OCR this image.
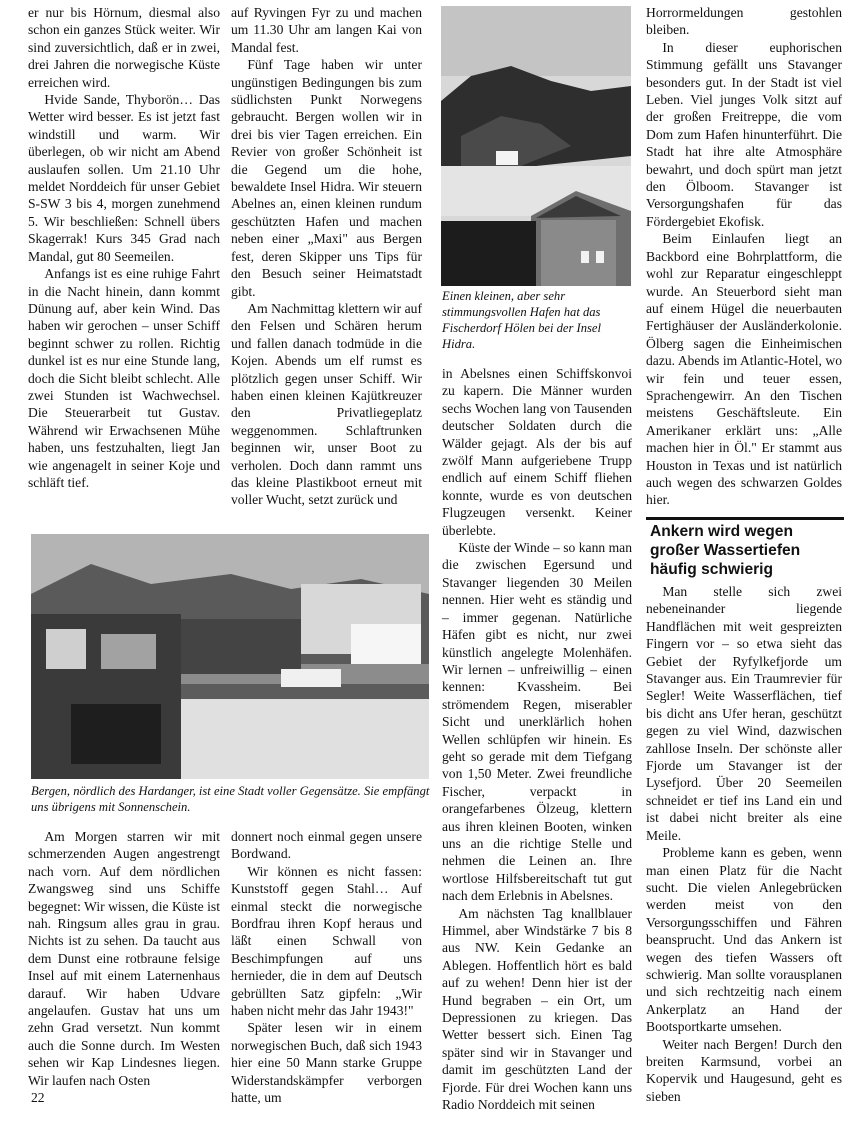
er nur bis Hörnum, diesmal also schon ein ganzes Stück weiter. Wir sind zuversichtlich, daß er in zwei, drei Jahren die norwegische Küste erreichen wird.

Hvide Sande, Thyborön… Das Wetter wird besser. Es ist jetzt fast windstill und warm. Wir überlegen, ob wir nicht am Abend auslaufen sollen. Um 21.10 Uhr meldet Norddeich für unser Gebiet S-SW 3 bis 4, morgen zunehmend 5. Wir beschließen: Schnell übers Skagerrak! Kurs 345 Grad nach Mandal, gut 80 Seemeilen.

Anfangs ist es eine ruhige Fahrt in die Nacht hinein, dann kommt Dünung auf, aber kein Wind. Das haben wir gerochen – unser Schiff beginnt schwer zu rollen. Richtig dunkel ist es nur eine Stunde lang, doch die Sicht bleibt schlecht. Alle zwei Stunden ist Wachwechsel. Die Steuerarbeit tut Gustav. Während wir Erwachsenen Mühe haben, uns festzuhalten, liegt Jan wie angenagelt in seiner Koje und schläft tief.

auf Ryvingen Fyr zu und machen um 11.30 Uhr am langen Kai von Mandal fest.

Fünf Tage haben wir unter ungünstigen Bedingungen bis zum südlichsten Punkt Norwegens gebraucht. Bergen wollen wir in drei bis vier Tagen erreichen. Ein Revier von großer Schönheit ist die Gegend um die hohe, bewaldete Insel Hidra. Wir steuern Abelnes an, einen kleinen rundum geschützten Hafen und machen neben einer „Maxi" aus Bergen fest, deren Skipper uns Tips für den Besuch seiner Heimatstadt gibt.

Am Nachmittag klettern wir auf den Felsen und Schären herum und fallen danach todmüde in die Kojen. Abends um elf rumst es plötzlich gegen unser Schiff. Wir haben einen kleinen Kajütkreuzer den Privatliegeplatz weggenommen. Schlaftrunken beginnen wir, unser Boot zu verholen. Doch dann rammt uns das kleine Plastikboot erneut mit voller Wucht, setzt zurück und

Einen kleinen, aber sehr stimmungsvollen Hafen hat das Fischerdorf Hölen bei der Insel Hidra.

in Abelsnes einen Schiffskonvoi zu kapern. Die Männer wurden sechs Wochen lang von Tausenden deutscher Soldaten durch die Wälder gejagt. Als der bis auf zwölf Mann aufgeriebene Trupp endlich auf einem Schiff fliehen konnte, wurde es von deutschen Flugzeugen versenkt. Keiner überlebte.

Küste der Winde – so kann man die zwischen Egersund und Stavanger liegenden 30 Meilen nennen. Hier weht es ständig und – immer gegenan. Natürliche Häfen gibt es nicht, nur zwei künstlich angelegte Molenhäfen. Wir lernen – unfreiwillig – einen kennen: Kvassheim. Bei strömendem Regen, miserabler Sicht und unerklärlich hohen Wellen schlüpfen wir hinein. Es geht so gerade mit dem Tiefgang von 1,50 Meter. Zwei freundliche Fischer, verpackt in orangefarbenes Ölzeug, klettern aus ihren kleinen Booten, winken uns an die richtige Stelle und nehmen die Leinen an. Ihre wortlose Hilfsbereitschaft tut gut nach dem Erlebnis in Abelsnes.

Am nächsten Tag knallblauer Himmel, aber Windstärke 7 bis 8 aus NW. Kein Gedanke an Ablegen. Hoffentlich hört es bald auf zu wehen! Denn hier ist der Hund begraben – ein Ort, um Depressionen zu kriegen. Das Wetter bessert sich. Einen Tag später sind wir in Stavanger und damit im geschützten Land der Fjorde. Für drei Wochen kann uns Radio Norddeich mit seinen

Horrormeldungen gestohlen bleiben.

In dieser euphorischen Stimmung gefällt uns Stavanger besonders gut. In der Stadt ist viel Leben. Viel junges Volk sitzt auf der großen Freitreppe, die vom Dom zum Hafen hinunterführt. Die Stadt hat ihre alte Atmosphäre bewahrt, und doch spürt man jetzt den Ölboom. Stavanger ist Versorgungshafen für das Fördergebiet Ekofisk.

Beim Einlaufen liegt an Backbord eine Bohrplattform, die wohl zur Reparatur eingeschleppt wurde. An Steuerbord sieht man auf einem Hügel die neuerbauten Fertighäuser der Ausländerkolonie. Ölberg sagen die Einheimischen dazu. Abends im Atlantic-Hotel, wo wir fein und teuer essen, Sprachengewirr. An den Tischen meistens Geschäftsleute. Ein Amerikaner erklärt uns: „Alle machen hier in Öl." Er stammt aus Houston in Texas und ist natürlich auch wegen des schwarzen Goldes hier.

Ankern wird wegen großer Wassertiefen häufig schwierig

Man stelle sich zwei nebeneinander liegende Handflächen mit weit gespreizten Fingern vor – so etwa sieht das Gebiet der Ryfylkefjorde um Stavanger aus. Ein Traumrevier für Segler! Weite Wasserflächen, tief bis dicht ans Ufer heran, geschützt gegen zu viel Wind, dazwischen zahllose Inseln. Der schönste aller Fjorde um Stavanger ist der Lysefjord. Über 20 Seemeilen schneidet er tief ins Land ein und ist dabei nicht breiter als eine Meile.

Probleme kann es geben, wenn man einen Platz für die Nacht sucht. Die vielen Anlegebrücken werden meist von den Versorgungsschiffen und Fähren beansprucht. Und das Ankern ist wegen des tiefen Wassers oft schwierig. Man sollte vorausplanen und sich rechtzeitig nach einem Ankerplatz an Hand der Bootsportkarte umsehen.

Weiter nach Bergen! Durch den breiten Karmsund, vorbei an Kopervik und Haugesund, geht es sieben

Bergen, nördlich des Hardanger, ist eine Stadt voller Gegensätze. Sie empfängt uns übrigens mit Sonnenschein.

Am Morgen starren wir mit schmerzenden Augen angestrengt nach vorn. Auf dem nördlichen Zwangsweg sind uns Schiffe begegnet: Wir wissen, die Küste ist nah. Ringsum alles grau in grau. Nichts ist zu sehen. Da taucht aus dem Dunst eine rotbraune felsige Insel auf mit einem Laternenhaus darauf. Wir haben Udvare angelaufen. Gustav hat uns um zehn Grad versetzt. Nun kommt auch die Sonne durch. Im Westen sehen wir Kap Lindesnes liegen. Wir laufen nach Osten

donnert noch einmal gegen unsere Bordwand.

Wir können es nicht fassen: Kunststoff gegen Stahl… Auf einmal steckt die norwegische Bordfrau ihren Kopf heraus und läßt einen Schwall von Beschimpfungen auf uns hernieder, die in dem auf Deutsch gebrüllten Satz gipfeln: „Wir haben nicht mehr das Jahr 1943!"

Später lesen wir in einem norwegischen Buch, daß sich 1943 hier eine 50 Mann starke Gruppe Widerstandskämpfer verborgen hatte, um

22
